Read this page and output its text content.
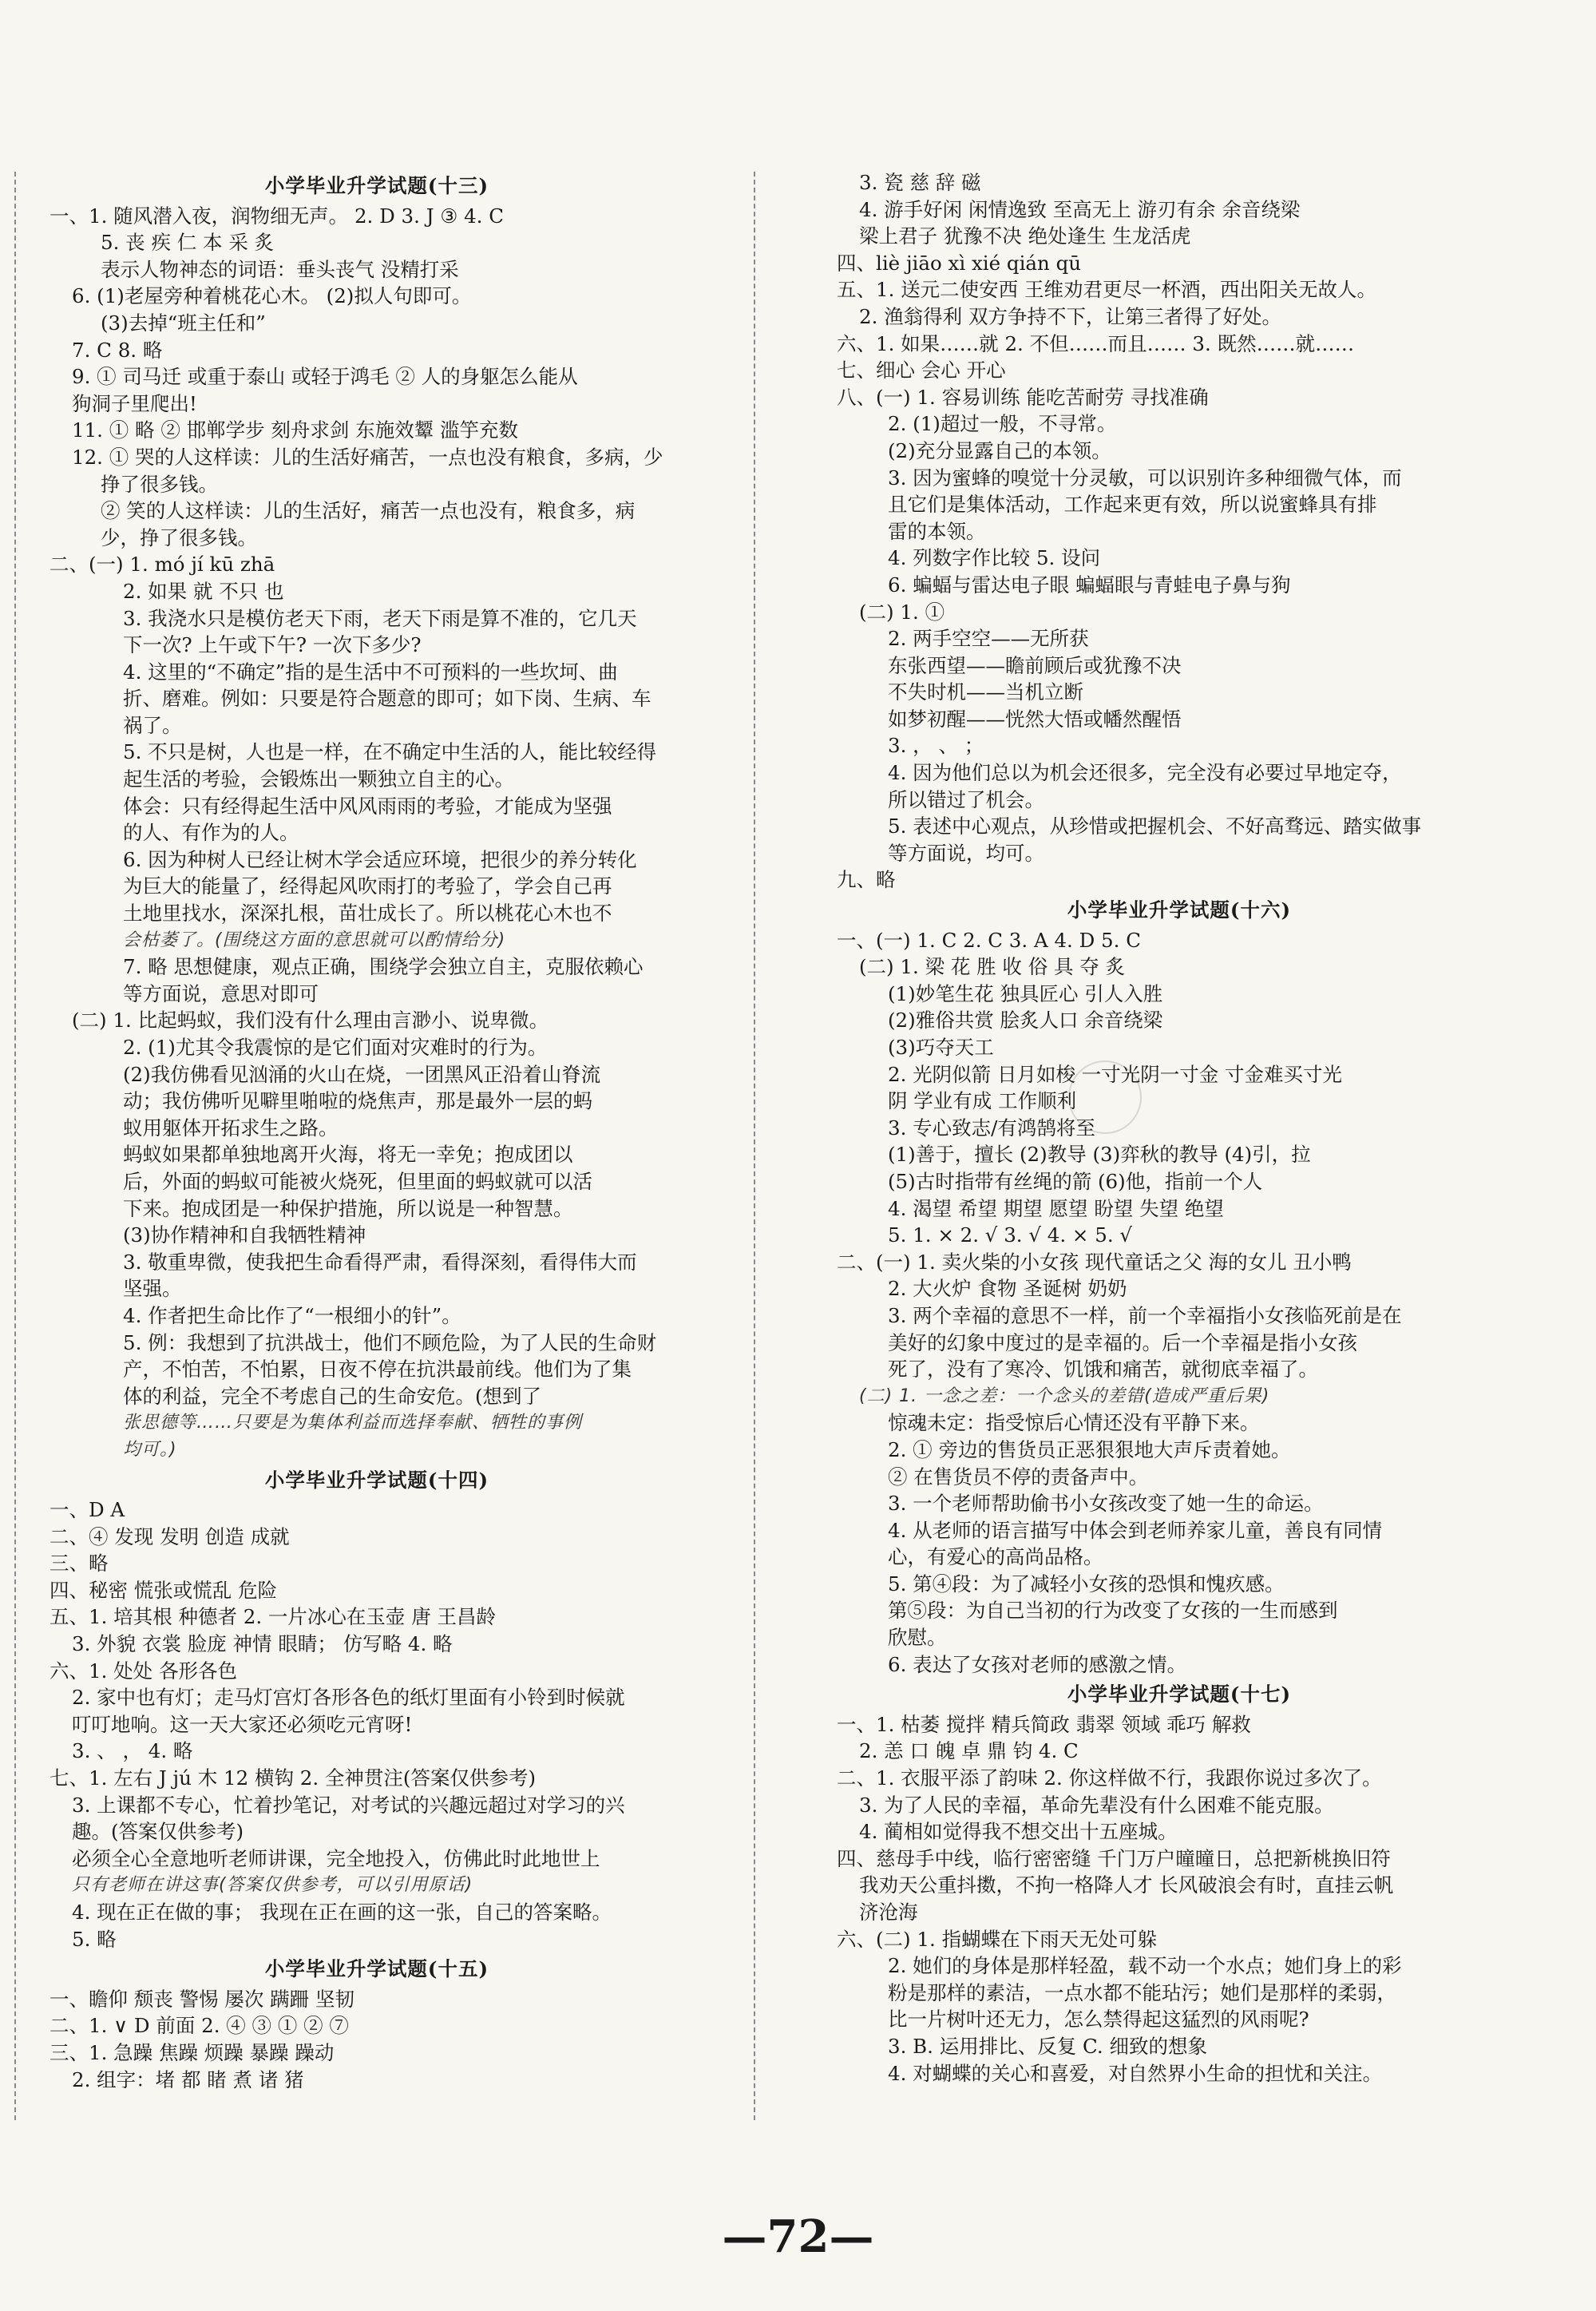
小学毕业升学试题(十三)
一、1. 随风潜入夜，润物细无声。 2. D 3. J ③ 4. C
5. 丧 疾 仁 本 采 炙
表示人物神态的词语：垂头丧气 没精打采
6. (1)老屋旁种着桃花心木。 (2)拟人句即可。
(3)去掉“班主任和”
7. C 8. 略
9. ① 司马迁 或重于泰山 或轻于鸿毛 ② 人的身躯怎么能从
狗洞子里爬出!
11. ① 略 ② 邯郸学步 刻舟求剑 东施效颦 滥竽充数
12. ① 哭的人这样读：儿的生活好痛苦，一点也没有粮食，多病，少
挣了很多钱。
② 笑的人这样读：儿的生活好，痛苦一点也没有，粮食多，病
少，挣了很多钱。
二、(一) 1. mó jí kū zhā
2. 如果 就 不只 也
3. 我浇水只是模仿老天下雨，老天下雨是算不准的，它几天
下一次? 上午或下午? 一次下多少?
4. 这里的“不确定”指的是生活中不可预料的一些坎坷、曲
折、磨难。例如：只要是符合题意的即可；如下岗、生病、车
祸了。
5. 不只是树，人也是一样，在不确定中生活的人，能比较经得
起生活的考验，会锻炼出一颗独立自主的心。
体会：只有经得起生活中风风雨雨的考验，才能成为坚强
的人、有作为的人。
6. 因为种树人已经让树木学会适应环境，把很少的养分转化
为巨大的能量了，经得起风吹雨打的考验了，学会自己再
土地里找水，深深扎根，苗壮成长了。所以桃花心木也不
会枯萎了。(围绕这方面的意思就可以酌情给分)
7. 略 思想健康，观点正确，围绕学会独立自主，克服依赖心
等方面说，意思对即可
(二) 1. 比起蚂蚁，我们没有什么理由言渺小、说卑微。
2. (1)尤其令我震惊的是它们面对灾难时的行为。
(2)我仿佛看见汹涌的火山在烧，一团黑风正沿着山脊流
动；我仿佛听见噼里啪啦的烧焦声，那是最外一层的蚂
蚁用躯体开拓求生之路。
蚂蚁如果都单独地离开火海，将无一幸免；抱成团以
后，外面的蚂蚁可能被火烧死，但里面的蚂蚁就可以活
下来。抱成团是一种保护措施，所以说是一种智慧。
(3)协作精神和自我牺牲精神
3. 敬重卑微，使我把生命看得严肃，看得深刻，看得伟大而
坚强。
4. 作者把生命比作了“一根细小的针”。
5. 例：我想到了抗洪战士，他们不顾危险，为了人民的生命财
产，不怕苦，不怕累，日夜不停在抗洪最前线。他们为了集
体的利益，完全不考虑自己的生命安危。(想到了
张思德等……只要是为集体利益而选择奉献、牺牲的事例
均可。)
小学毕业升学试题(十四)
一、D A
二、④ 发现 发明 创造 成就
三、略
四、秘密 慌张或慌乱 危险
五、1. 培其根 种德者 2. 一片冰心在玉壶 唐 王昌龄
3. 外貌 衣裳 脸庞 神情 眼睛； 仿写略 4. 略
六、1. 处处 各形各色
2. 家中也有灯；走马灯宫灯各形各色的纸灯里面有小铃到时候就
叮叮地响。这一天大家还必须吃元宵呀!
3. 、 ， 4. 略
七、1. 左右 J jú 木 12 横钩 2. 全神贯注(答案仅供参考)
3. 上课都不专心，忙着抄笔记，对考试的兴趣远超过对学习的兴
趣。(答案仅供参考)
必须全心全意地听老师讲课，完全地投入，仿佛此时此地世上
只有老师在讲这事(答案仅供参考，可以引用原话)
4. 现在正在做的事； 我现在正在画的这一张，自己的答案略。
5. 略
小学毕业升学试题(十五)
一、瞻仰 颓丧 警惕 屡次 蹒跚 坚韧
二、1. ∨ D 前面 2. ④ ③ ① ② ⑦
三、1. 急躁 焦躁 烦躁 暴躁 躁动
2. 组字：堵 都 睹 煮 诸 猪
3. 瓷 慈 辞 磁
4. 游手好闲 闲情逸致 至高无上 游刃有余 余音绕梁
梁上君子 犹豫不决 绝处逢生 生龙活虎
四、liè jiāo xì xié qián qū
五、1. 送元二使安西 王维劝君更尽一杯酒，西出阳关无故人。
2. 渔翁得利 双方争持不下，让第三者得了好处。
六、1. 如果……就 2. 不但……而且…… 3. 既然……就……
七、细心 会心 开心
八、(一) 1. 容易训练 能吃苦耐劳 寻找准确
2. (1)超过一般，不寻常。
(2)充分显露自己的本领。
3. 因为蜜蜂的嗅觉十分灵敏，可以识别许多种细微气体，而
且它们是集体活动，工作起来更有效，所以说蜜蜂具有排
雷的本领。
4. 列数字作比较 5. 设问
6. 蝙蝠与雷达电子眼 蝙蝠眼与青蛙电子鼻与狗
(二) 1. ①
2. 两手空空——无所获
东张西望——瞻前顾后或犹豫不决
不失时机——当机立断
如梦初醒——恍然大悟或幡然醒悟
3. ， 、 ；
4. 因为他们总以为机会还很多，完全没有必要过早地定夺，
所以错过了机会。
5. 表述中心观点，从珍惜或把握机会、不好高骛远、踏实做事
等方面说，均可。
九、略
小学毕业升学试题(十六)
一、(一) 1. C 2. C 3. A 4. D 5. C
(二) 1. 梁 花 胜 收 俗 具 夺 炙
(1)妙笔生花 独具匠心 引人入胜
(2)雅俗共赏 脍炙人口 余音绕梁
(3)巧夺天工
2. 光阴似箭 日月如梭 一寸光阴一寸金 寸金难买寸光
阴 学业有成 工作顺利
3. 专心致志/有鸿鹄将至
(1)善于，擅长 (2)教导 (3)弈秋的教导 (4)引，拉
(5)古时指带有丝绳的箭 (6)他，指前一个人
4. 渴望 希望 期望 愿望 盼望 失望 绝望
5. 1. × 2. √ 3. √ 4. × 5. √
二、(一) 1. 卖火柴的小女孩 现代童话之父 海的女儿 丑小鸭
2. 大火炉 食物 圣诞树 奶奶
3. 两个幸福的意思不一样，前一个幸福指小女孩临死前是在
美好的幻象中度过的是幸福的。后一个幸福是指小女孩
死了，没有了寒冷、饥饿和痛苦，就彻底幸福了。
(二) 1. 一念之差：一个念头的差错(造成严重后果)
惊魂未定：指受惊后心情还没有平静下来。
2. ① 旁边的售货员正恶狠狠地大声斥责着她。
② 在售货员不停的责备声中。
3. 一个老师帮助偷书小女孩改变了她一生的命运。
4. 从老师的语言描写中体会到老师养家儿童，善良有同情
心，有爱心的高尚品格。
5. 第④段：为了减轻小女孩的恐惧和愧疚感。
第⑤段：为自己当初的行为改变了女孩的一生而感到
欣慰。
6. 表达了女孩对老师的感激之情。
小学毕业升学试题(十七)
一、1. 枯萎 搅拌 精兵简政 翡翠 领域 乖巧 解救
2. 恙 口 魄 卓 鼎 钧 4. C
二、1. 衣服平添了韵味 2. 你这样做不行，我跟你说过多次了。
3. 为了人民的幸福，革命先辈没有什么困难不能克服。
4. 蔺相如觉得我不想交出十五座城。
四、慈母手中线，临行密密缝 千门万户曈曈日，总把新桃换旧符
我劝天公重抖擞，不拘一格降人才 长风破浪会有时，直挂云帆
济沧海
六、(二) 1. 指蝴蝶在下雨天无处可躲
2. 她们的身体是那样轻盈，载不动一个水点；她们身上的彩
粉是那样的素洁，一点水都不能玷污；她们是那样的柔弱，
比一片树叶还无力，怎么禁得起这猛烈的风雨呢?
3. B. 运用排比、反复 C. 细致的想象
4. 对蝴蝶的关心和喜爱，对自然界小生命的担忧和关注。
—72—
